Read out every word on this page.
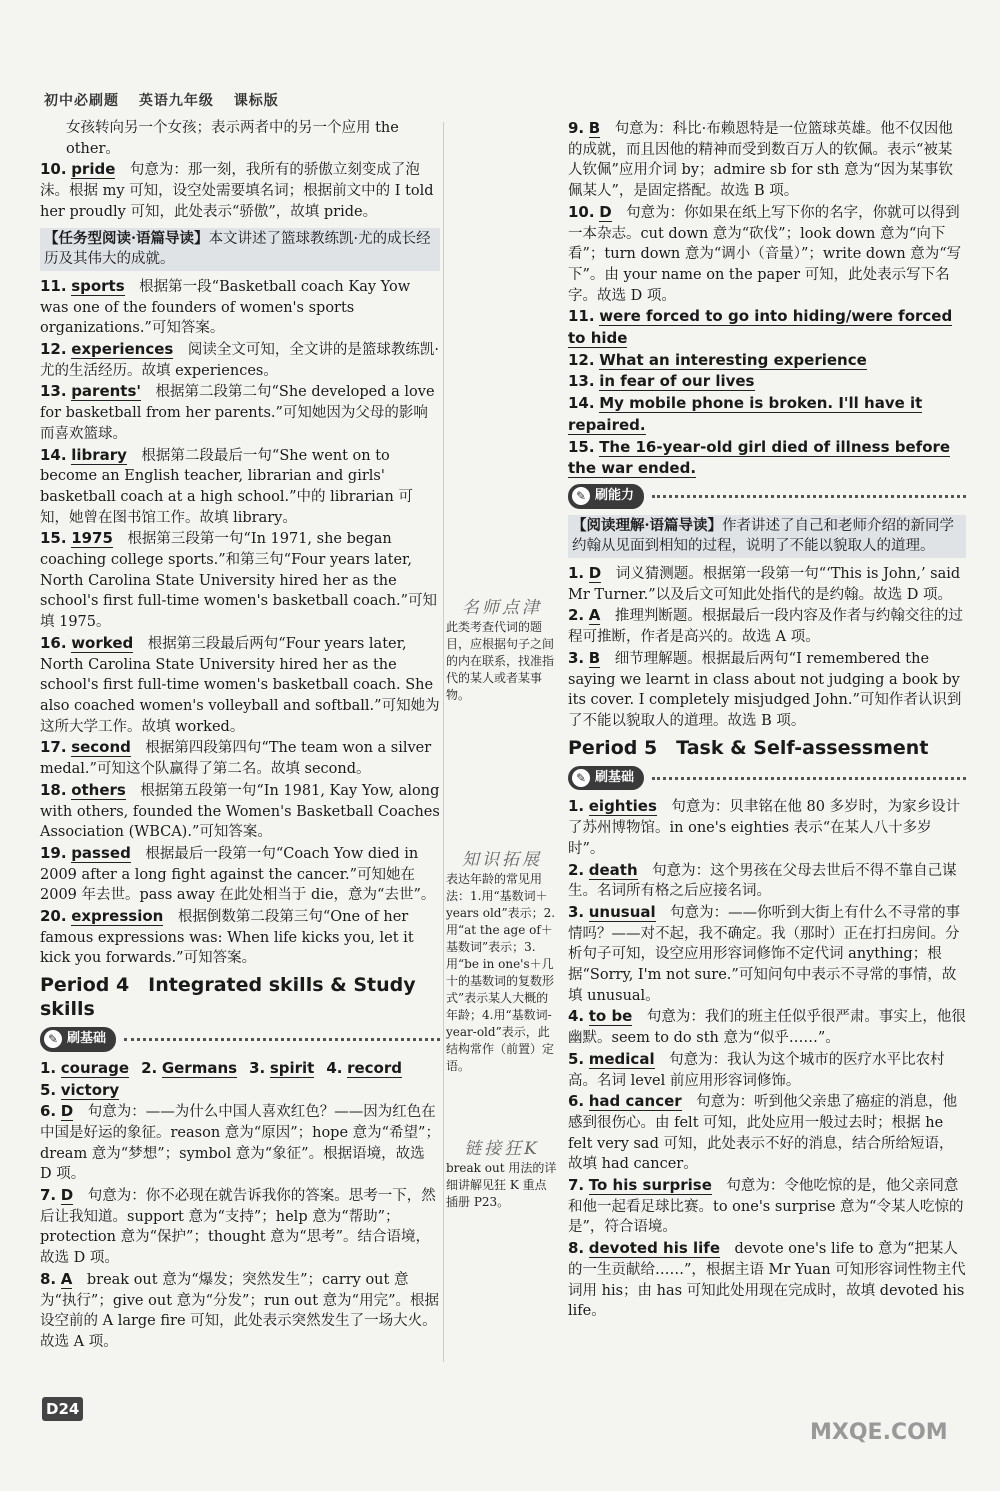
初中必刷题 英语九年级 课标版

女孩转向另一个女孩；表示两者中的另一个应用 the other。

10. pride　 句意为：那一刻，我所有的骄傲立刻变成了泡沫。根据 my 可知，设空处需要填名词；根据前文中的 I told her proudly 可知，此处表示“骄傲”，故填 pride。

【任务型阅读·语篇导读】本文讲述了篮球教练凯·尤的成长经历及其伟大的成就。

11. sports　 根据第一段“Basketball coach Kay Yow was one of the founders of women's sports organizations.”可知答案。

12. experiences　 阅读全文可知，全文讲的是篮球教练凯·尤的生活经历。故填 experiences。

13. parents'　 根据第二段第二句“She developed a love for basketball from her parents.”可知她因为父母的影响而喜欢篮球。

14. library　 根据第二段最后一句“She went on to become an English teacher, librarian and girls' basketball coach at a high school.”中的 librarian 可知，她曾在图书馆工作。故填 library。

15. 1975　 根据第三段第一句“In 1971, she began coaching college sports.”和第三句“Four years later, North Carolina State University hired her as the school's first full-time women's basketball coach.”可知填 1975。

16. worked　 根据第三段最后两句“Four years later, North Carolina State University hired her as the school's first full-time women's basketball coach. She also coached women's volleyball and softball.”可知她为这所大学工作。故填 worked。

17. second　 根据第四段第四句“The team won a silver medal.”可知这个队赢得了第二名。故填 second。

18. others　 根据第五段第一句“In 1981, Kay Yow, along with others, founded the Women's Basketball Coaches Association (WBCA).”可知答案。

19. passed　 根据最后一段第一句“Coach Yow died in 2009 after a long fight against the cancer.”可知她在 2009 年去世。pass away 在此处相当于 die，意为“去世”。

20. expression　 根据倒数第二段第三句“One of her famous expressions was: When life kicks you, let it kick you forwards.”可知答案。

Period 4　Integrated skills & Study skills
✎ 刷基础

1. courage 2. Germans 3. spirit 4. record

5. victory

6. D　 句意为：——为什么中国人喜欢红色？——因为红色在中国是好运的象征。reason 意为“原因”；hope 意为“希望”；dream 意为“梦想”；symbol 意为“象征”。根据语境，故选 D 项。

7. D　 句意为：你不必现在就告诉我你的答案。思考一下，然后让我知道。support 意为“支持”；help 意为“帮助”；protection 意为“保护”；thought 意为“思考”。结合语境，故选 D 项。

8. A　 break out 意为“爆发；突然发生”；carry out 意为“执行”；give out 意为“分发”；run out 意为“用完”。根据设空前的 A large fire 可知，此处表示突然发生了一场大火。故选 A 项。

名师点津

此类考查代词的题目，应根据句子之间的内在联系，找准指代的某人或者某事物。

知识拓展

表达年龄的常见用法：1.用“基数词＋years old”表示；2.用“at the age of＋基数词”表示；3.用“be in one's＋几十的基数词的复数形式”表示某人大概的年龄；4.用“基数词-year-old”表示，此结构常作（前置）定语。

链接狂K

break out 用法的详细讲解见狂 K 重点插册 P23。

9. B　 句意为：科比·布赖恩特是一位篮球英雄。他不仅因他的成就，而且因他的精神而受到数百万人的钦佩。表示“被某人钦佩”应用介词 by；admire sb for sth 意为“因为某事钦佩某人”，是固定搭配。故选 B 项。

10. D　 句意为：你如果在纸上写下你的名字，你就可以得到一本杂志。cut down 意为“砍伐”；look down 意为“向下看”；turn down 意为“调小（音量）”；write down 意为“写下”。由 your name on the paper 可知，此处表示写下名字。故选 D 项。

11. were forced to go into hiding/were forced to hide

12. What an interesting experience

13. in fear of our lives

14. My mobile phone is broken. I'll have it repaired.

15. The 16-year-old girl died of illness before the war ended.

✎ 刷能力

【阅读理解·语篇导读】作者讲述了自己和老师介绍的新同学约翰从见面到相知的过程，说明了不能以貌取人的道理。

1. D　 词义猜测题。根据第一段第一句“‘This is John,’ said Mr Turner.”以及后文可知此处指代的是约翰。故选 D 项。

2. A　 推理判断题。根据最后一段内容及作者与约翰交往的过程可推断，作者是高兴的。故选 A 项。

3. B　 细节理解题。根据最后两句“I remembered the saying we learnt in class about not judging a book by its cover. I completely misjudged John.”可知作者认识到了不能以貌取人的道理。故选 B 项。

Period 5　Task & Self-assessment
✎ 刷基础

1. eighties　 句意为：贝聿铭在他 80 多岁时，为家乡设计了苏州博物馆。in one's eighties 表示“在某人八十多岁时”。

2. death　 句意为：这个男孩在父母去世后不得不靠自己谋生。名词所有格之后应接名词。

3. unusual　 句意为：——你听到大街上有什么不寻常的事情吗？——对不起，我不确定。我（那时）正在打扫房间。分析句子可知，设空应用形容词修饰不定代词 anything；根据“Sorry, I'm not sure.”可知问句中表示不寻常的事情，故填 unusual。

4. to be　 句意为：我们的班主任似乎很严肃。事实上，他很幽默。seem to do sth 意为“似乎……”。

5. medical　 句意为：我认为这个城市的医疗水平比农村高。名词 level 前应用形容词修饰。

6. had cancer　 句意为：听到他父亲患了癌症的消息，他感到很伤心。由 felt 可知，此处应用一般过去时；根据 he felt very sad 可知，此处表示不好的消息，结合所给短语，故填 had cancer。

7. To his surprise　 句意为：令他吃惊的是，他父亲同意和他一起看足球比赛。to one's surprise 意为“令某人吃惊的是”，符合语境。

8. devoted his life　 devote one's life to 意为“把某人的一生贡献给……”，根据主语 Mr Yuan 可知形容词性物主代词用 his；由 has 可知此处用现在完成时，故填 devoted his life。

D24
MXQE.COM
